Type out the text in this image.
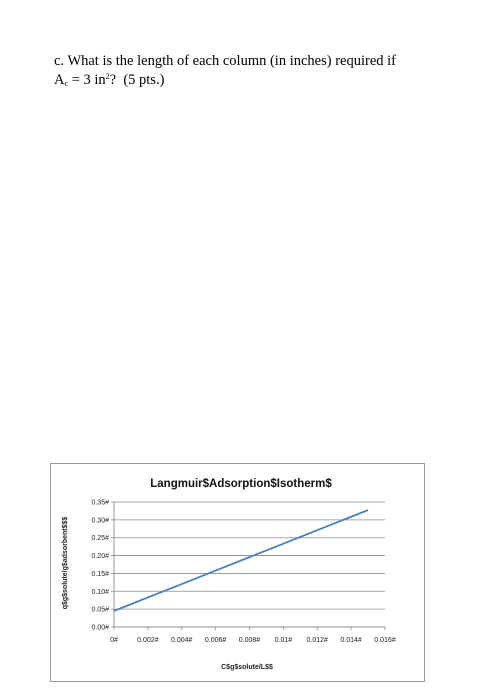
c. What is the length of each column (in inches) required if
$A_c = 3$ $in^2$? (5 pts.)
Langmuir$Adsorption$Isotherm$
0.00#
0.05#
0.10#
0.15#
0.20#
0.25#
0.30#
0.35#
0#	0.002# 0.004# 0.006# 0.008# 0.01# 0.012# 0.014# 0.016#
C$g$solute/L$$
q$g$solute/g$adsorbent$$$
